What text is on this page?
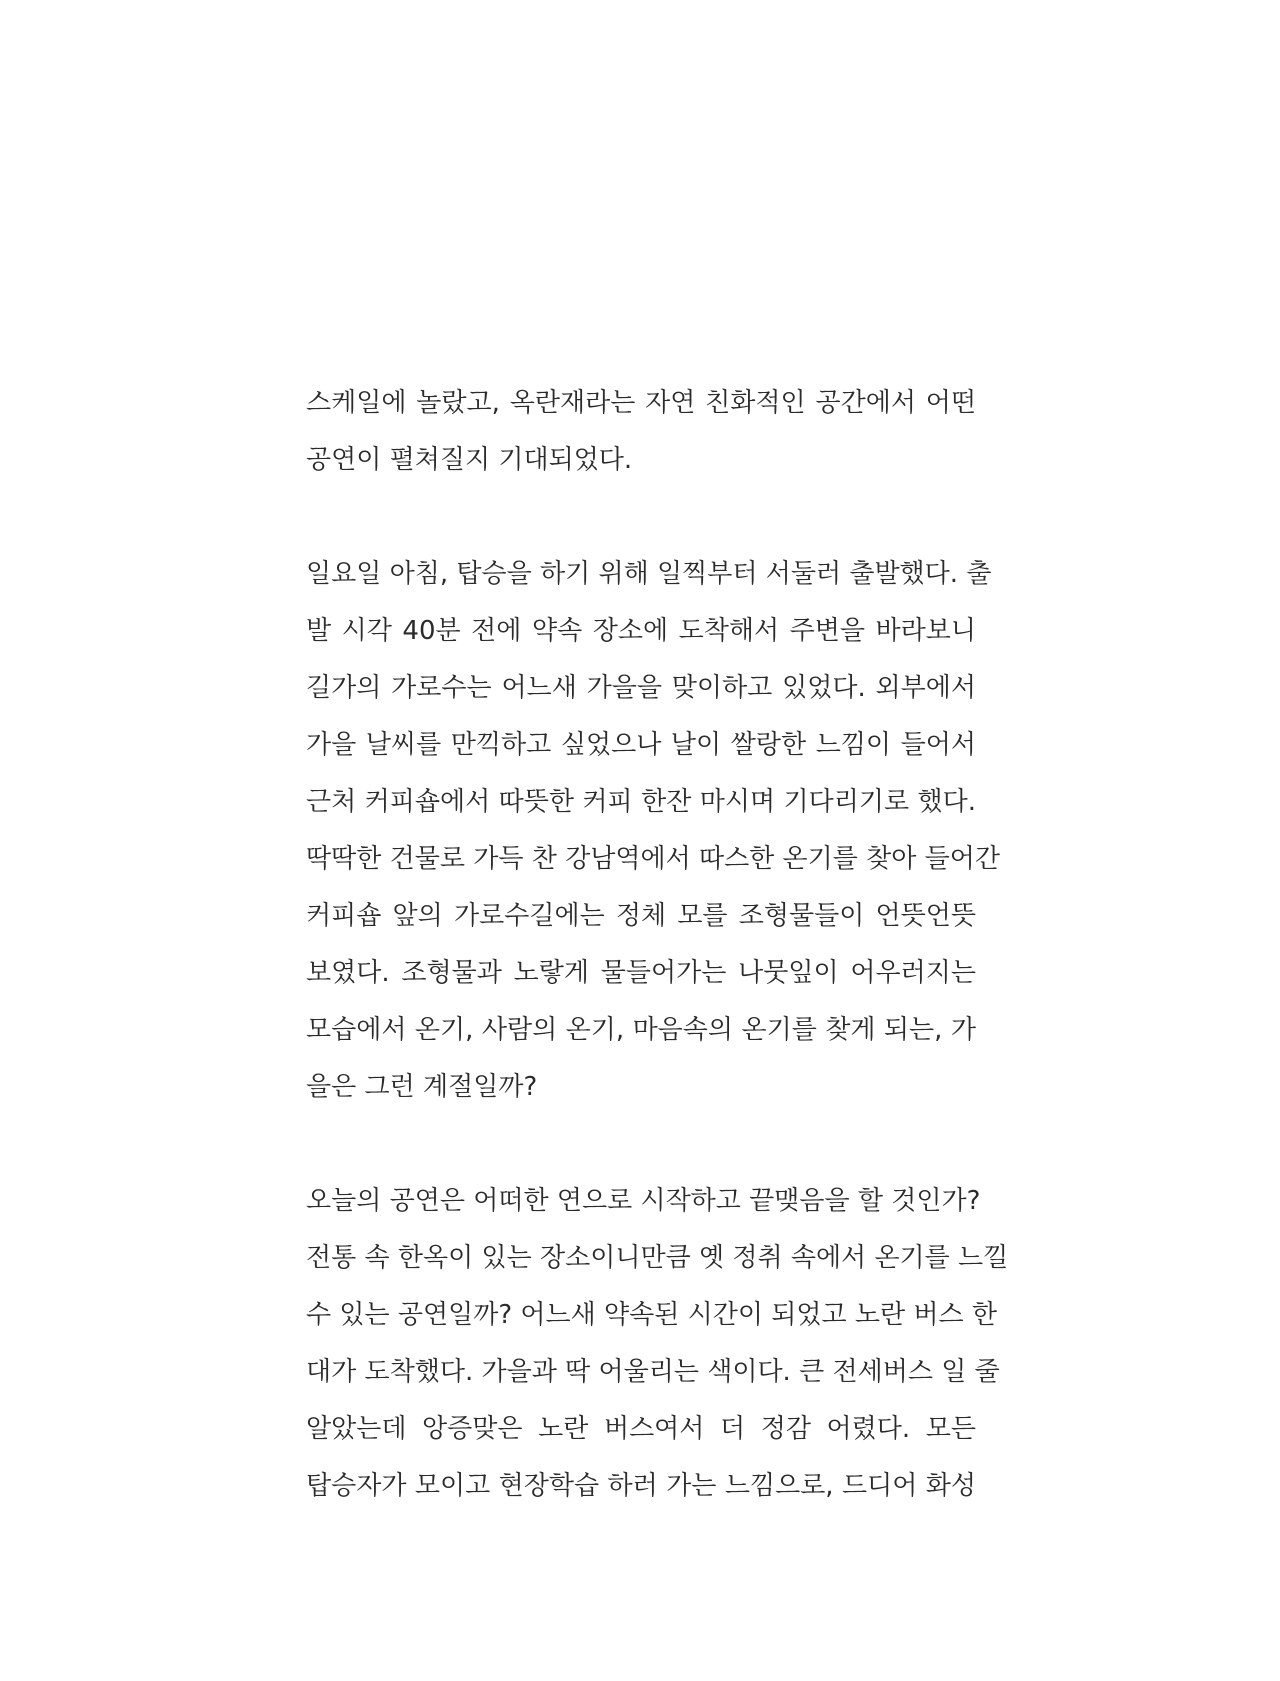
스케일에 놀랐고, 옥란재라는 자연 친화적인 공간에서 어떤
공연이 펼쳐질지 기대되었다.

일요일 아침, 탑승을 하기 위해 일찍부터 서둘러 출발했다. 출
발 시각 40분 전에 약속 장소에 도착해서 주변을 바라보니
길가의 가로수는 어느새 가을을 맞이하고 있었다. 외부에서
가을 날씨를 만끽하고 싶었으나 날이 쌀랑한 느낌이 들어서
근처 커피숍에서 따뜻한 커피 한잔 마시며 기다리기로 했다.
딱딱한 건물로 가득 찬 강남역에서 따스한 온기를 찾아 들어간
커피숍 앞의 가로수길에는 정체 모를 조형물들이 언뜻언뜻
보였다. 조형물과 노랗게 물들어가는 나뭇잎이 어우러지는
모습에서 온기, 사람의 온기, 마음속의 온기를 찾게 되는, 가
을은 그런 계절일까?

오늘의 공연은 어떠한 연으로 시작하고 끝맺음을 할 것인가?
전통 속 한옥이 있는 장소이니만큼 옛 정취 속에서 온기를 느낄
수 있는 공연일까? 어느새 약속된 시간이 되었고 노란 버스 한
대가 도착했다. 가을과 딱 어울리는 색이다. 큰 전세버스 일 줄
알았는데 앙증맞은 노란 버스여서 더 정감 어렸다. 모든
탑승자가 모이고 현장학습 하러 가는 느낌으로, 드디어 화성
